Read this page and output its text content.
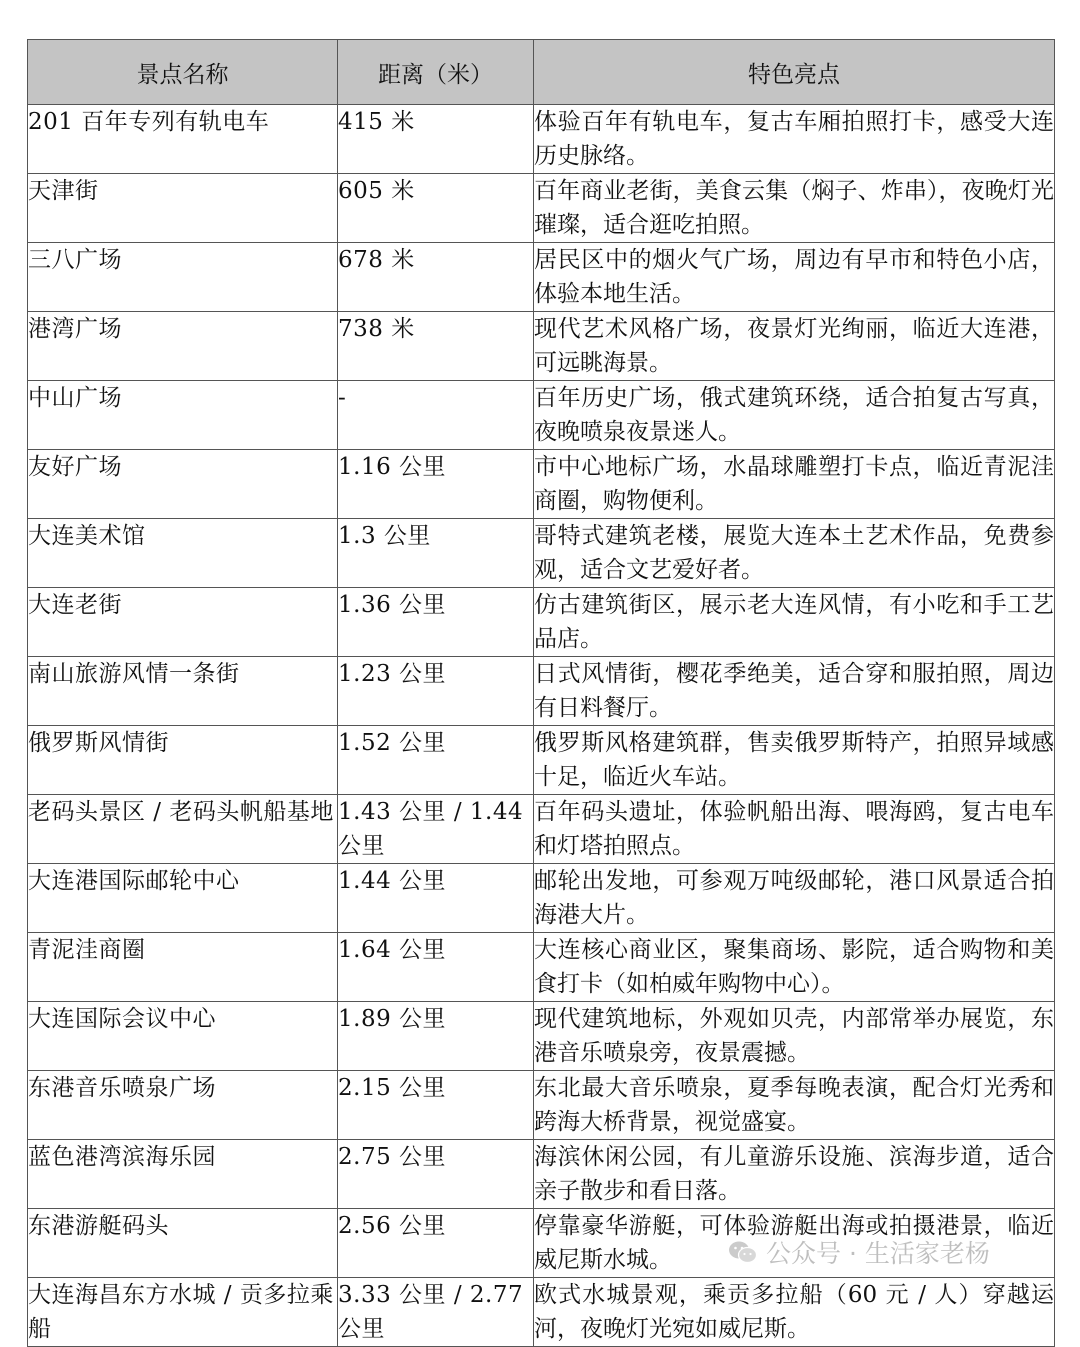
景点名称	距离（米）	特色亮点
201 百年专列有轨电车	415 米	体验百年有轨电车，复古车厢拍照打卡，感受大连历史脉络。
天津街	605 米	百年商业老街，美食云集（焖子、炸串），夜晚灯光璀璨，适合逛吃拍照。
三八广场	678 米	居民区中的烟火气广场，周边有早市和特色小店，体验本地生活。
港湾广场	738 米	现代艺术风格广场，夜景灯光绚丽，临近大连港，可远眺海景。
中山广场	-	百年历史广场，俄式建筑环绕，适合拍复古写真，夜晚喷泉夜景迷人。
友好广场	1.16 公里	市中心地标广场，水晶球雕塑打卡点，临近青泥洼商圈，购物便利。
大连美术馆	1.3 公里	哥特式建筑老楼，展览大连本土艺术作品，免费参观，适合文艺爱好者。
大连老街	1.36 公里	仿古建筑街区，展示老大连风情，有小吃和手工艺品店。
南山旅游风情一条街	1.23 公里	日式风情街，樱花季绝美，适合穿和服拍照，周边有日料餐厅。
俄罗斯风情街	1.52 公里	俄罗斯风格建筑群，售卖俄罗斯特产，拍照异域感十足，临近火车站。
老码头景区 / 老码头帆船基地	1.43 公里 / 1.44 公里	百年码头遗址，体验帆船出海、喂海鸥，复古电车和灯塔拍照点。
大连港国际邮轮中心	1.44 公里	邮轮出发地，可参观万吨级邮轮，港口风景适合拍海港大片。
青泥洼商圈	1.64 公里	大连核心商业区，聚集商场、影院，适合购物和美食打卡（如柏威年购物中心）。
大连国际会议中心	1.89 公里	现代建筑地标，外观如贝壳，内部常举办展览，东港音乐喷泉旁，夜景震撼。
东港音乐喷泉广场	2.15 公里	东北最大音乐喷泉，夏季每晚表演，配合灯光秀和跨海大桥背景，视觉盛宴。
蓝色港湾滨海乐园	2.75 公里	海滨休闲公园，有儿童游乐设施、滨海步道，适合亲子散步和看日落。
东港游艇码头	2.56 公里	停靠豪华游艇，可体验游艇出海或拍摄港景，临近威尼斯水城。
大连海昌东方水城 / 贡多拉乘船	3.33 公里 / 2.77 公里	欧式水城景观，乘贡多拉船（60 元 / 人）穿越运河，夜晚灯光宛如威尼斯。
公众号 · 生活家老杨
